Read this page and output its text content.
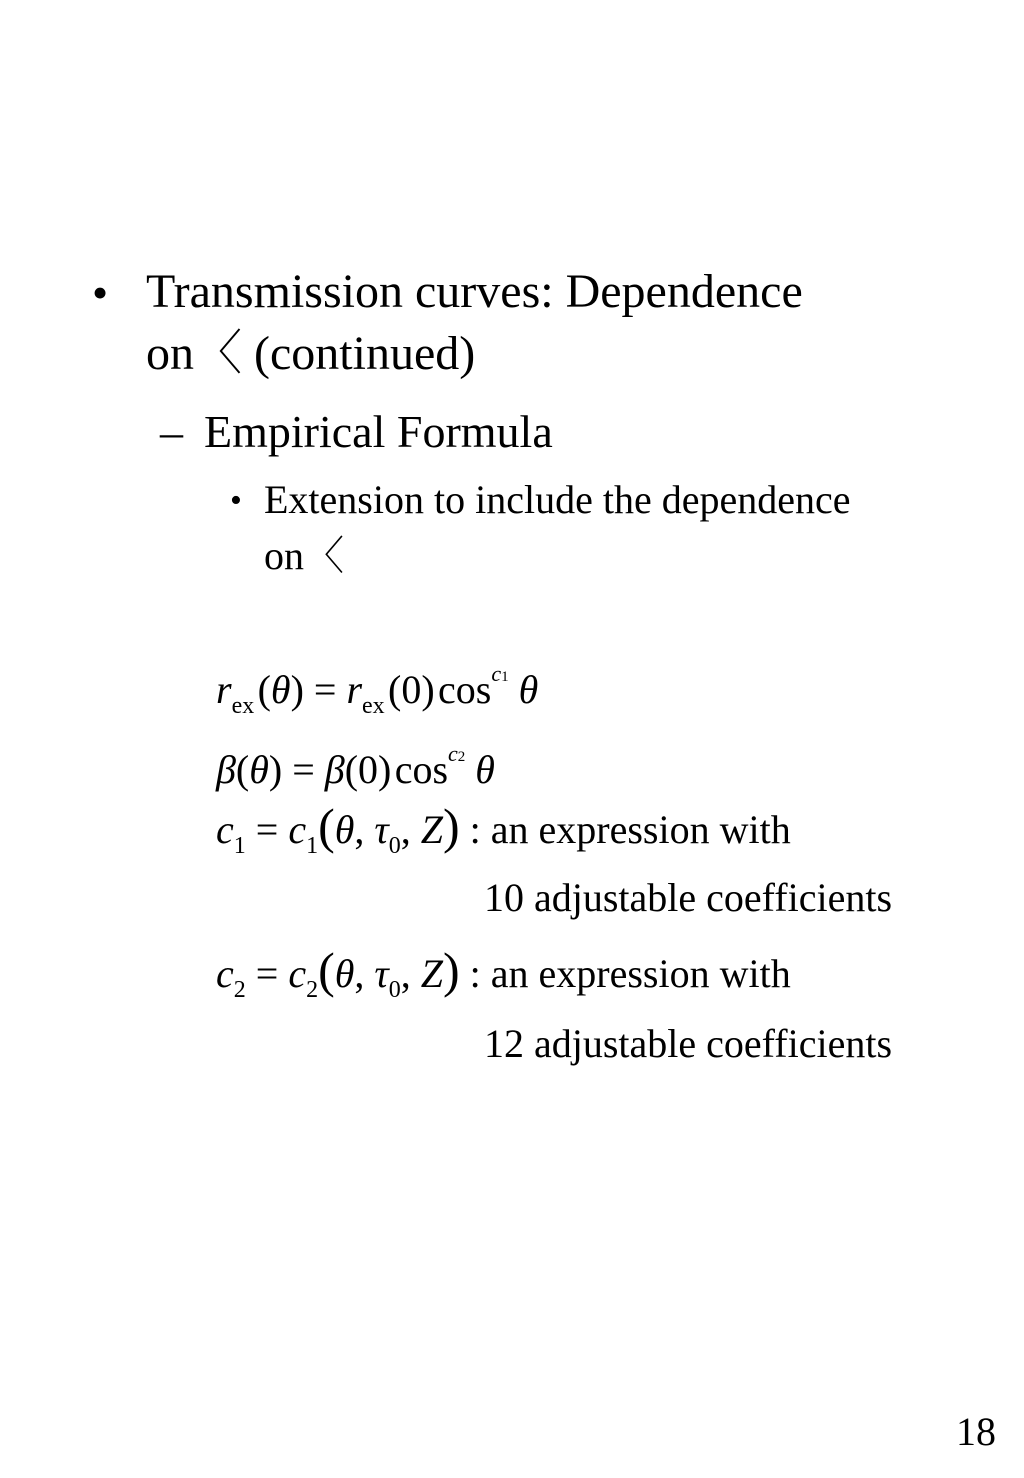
• Transmission curves: Dependence
on〈 (continued)
– Empirical Formula
• Extension to include the dependence
on〈
$r_{ex}$ $(\theta) = r_{ex}$ (0) $\cos^{c1} \theta$
β(θ) = β(0) $\cos^{c2} \theta$
$c_1 = c_1(\theta$, $\tau_0$, Z) : an expression with
10 adjustable coefficients
$c_2 = c_2(\theta$, $\tau_0$, Z) : an expression with
12 adjustable coefficients
18
